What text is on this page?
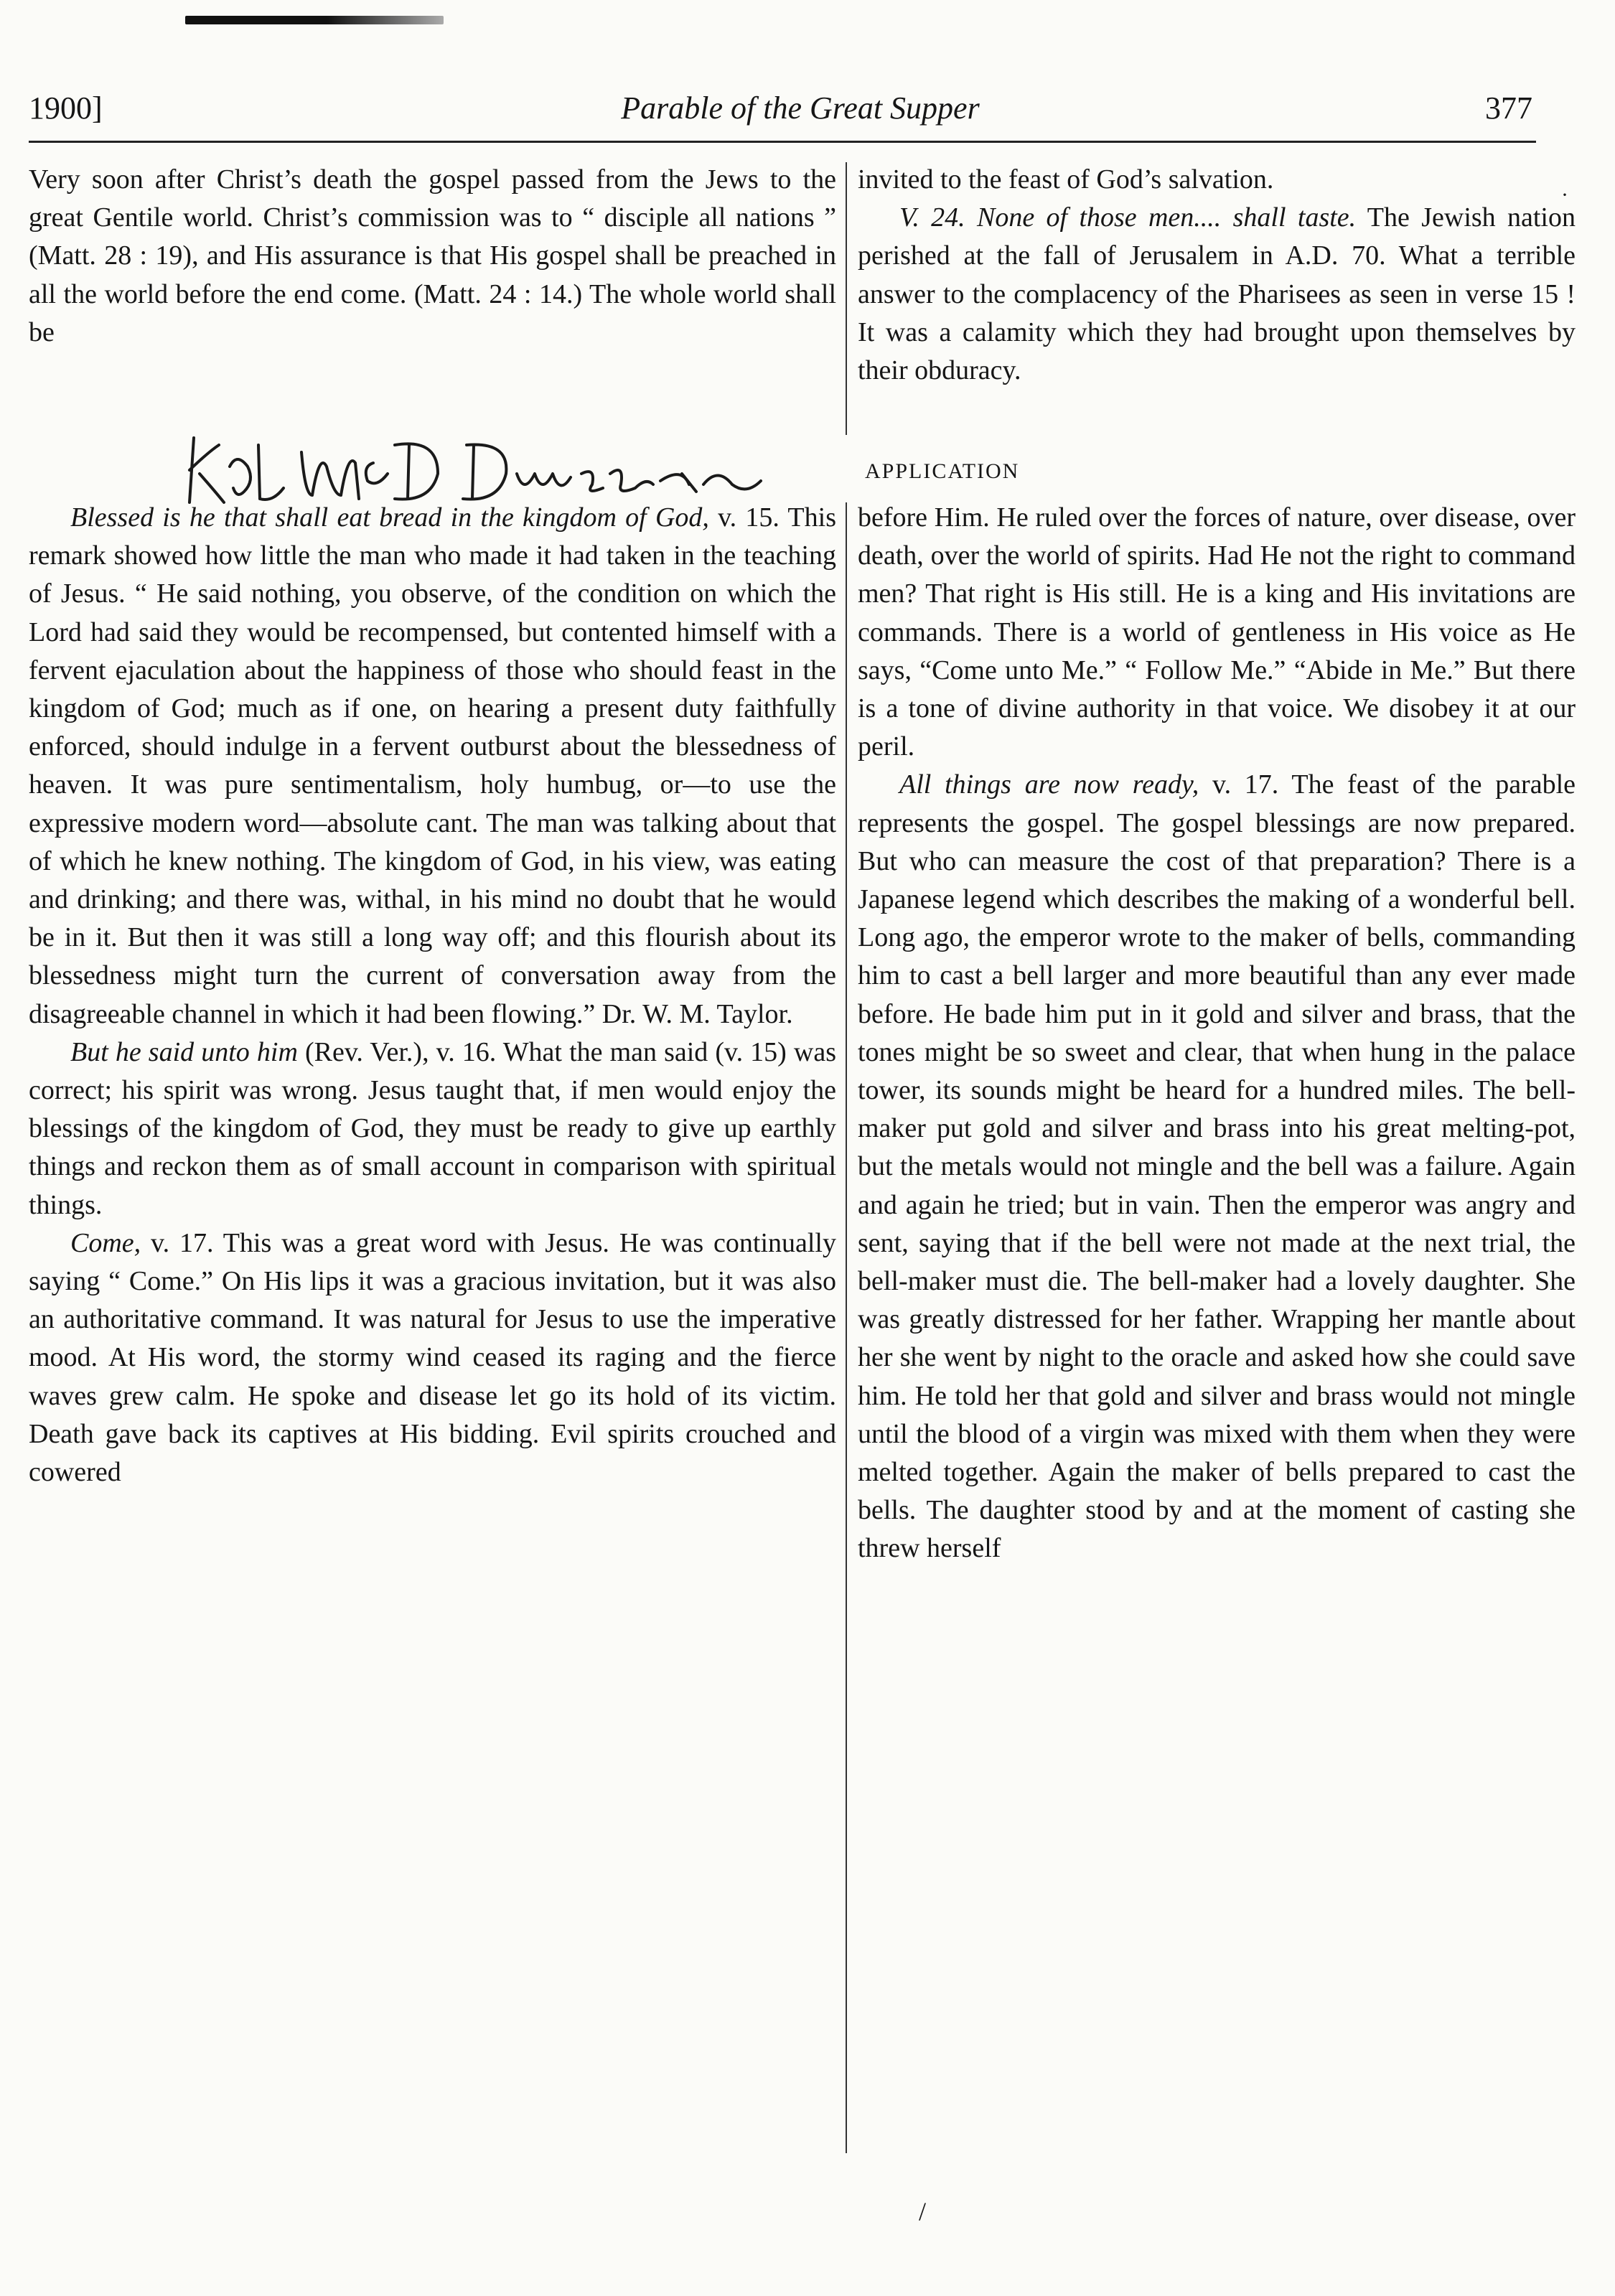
1900]	Parable of the Great Supper	377

Very soon after Christ’s death the gospel passed from the Jews to the great Gentile world. Christ’s commission was to “ disciple all nations ” (Matt. 28 : 19), and His assurance is that His gospel shall be preached in all the world before the end come. (Matt. 24 : 14.) The whole world shall be

invited to the feast of God’s salvation.

V. 24. None of those men.... shall taste. The Jewish nation perished at the fall of Jerusalem in A.D. 70. What a terrible answer to the complacency of the Pharisees as seen in verse 15 ! It was a calamity which they had brought upon themselves by their obduracy.

APPLICATION

Blessed is he that shall eat bread in the kingdom of God, v. 15. This remark showed how little the man who made it had taken in the teaching of Jesus. “ He said nothing, you observe, of the condition on which the Lord had said they would be recompensed, but contented himself with a fervent ejaculation about the happiness of those who should feast in the kingdom of God; much as if one, on hearing a present duty faithfully enforced, should indulge in a fervent outburst about the blessedness of heaven. It was pure sentimentalism, holy humbug, or—to use the expressive modern word—absolute cant. The man was talking about that of which he knew nothing. The kingdom of God, in his view, was eating and drinking; and there was, withal, in his mind no doubt that he would be in it. But then it was still a long way off; and this flourish about its blessedness might turn the current of conversation away from the disagreeable channel in which it had been flowing.” Dr. W. M. Taylor.

But he said unto him (Rev. Ver.), v. 16. What the man said (v. 15) was correct; his spirit was wrong. Jesus taught that, if men would enjoy the blessings of the kingdom of God, they must be ready to give up earthly things and reckon them as of small account in comparison with spiritual things.

Come, v. 17. This was a great word with Jesus. He was continually saying “ Come.” On His lips it was a gracious invitation, but it was also an authoritative command. It was natural for Jesus to use the imperative mood. At His word, the stormy wind ceased its raging and the fierce waves grew calm. He spoke and disease let go its hold of its victim. Death gave back its captives at His bidding. Evil spirits crouched and cowered

before Him. He ruled over the forces of nature, over disease, over death, over the world of spirits. Had He not the right to command men? That right is His still. He is a king and His invitations are commands. There is a world of gentleness in His voice as He says, “Come unto Me.” “ Follow Me.” “Abide in Me.” But there is a tone of divine authority in that voice. We disobey it at our peril.

All things are now ready, v. 17. The feast of the parable represents the gospel. The gospel blessings are now prepared. But who can measure the cost of that preparation? There is a Japanese legend which describes the making of a wonderful bell. Long ago, the emperor wrote to the maker of bells, commanding him to cast a bell larger and more beautiful than any ever made before. He bade him put in it gold and silver and brass, that the tones might be so sweet and clear, that when hung in the palace tower, its sounds might be heard for a hundred miles. The bell-maker put gold and silver and brass into his great melting-pot, but the metals would not mingle and the bell was a failure. Again and again he tried; but in vain. Then the emperor was angry and sent, saying that if the bell were not made at the next trial, the bell-maker must die. The bell-maker had a lovely daughter. She was greatly distressed for her father. Wrapping her mantle about her she went by night to the oracle and asked how she could save him. He told her that gold and silver and brass would not mingle until the blood of a virgin was mixed with them when they were melted together. Again the maker of bells prepared to cast the bells. The daughter stood by and at the moment of casting she threw herself

·
/
